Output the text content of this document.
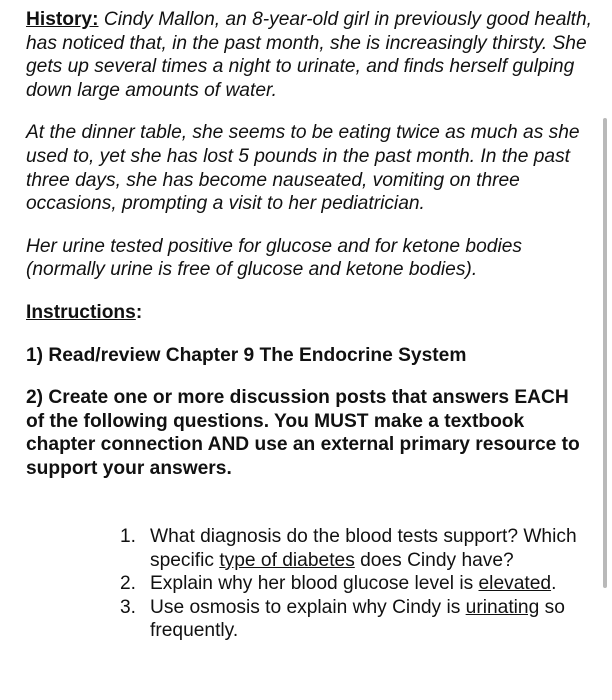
History: Cindy Mallon, an 8-year-old girl in previously good health, has noticed that, in the past month, she is increasingly thirsty. She gets up several times a night to urinate, and finds herself gulping down large amounts of water.

At the dinner table, she seems to be eating twice as much as she used to, yet she has lost 5 pounds in the past month. In the past three days, she has become nauseated, vomiting on three occasions, prompting a visit to her pediatrician.

Her urine tested positive for glucose and for ketone bodies (normally urine is free of glucose and ketone bodies).

Instructions:

1) Read/review Chapter 9 The Endocrine System

2) Create one or more discussion posts that answers EACH of the following questions. You MUST make a textbook chapter connection AND use an external primary resource to support your answers.

1. What diagnosis do the blood tests support? Which specific type of diabetes does Cindy have?
2. Explain why her blood glucose level is elevated.
3. Use osmosis to explain why Cindy is urinating so frequently.
